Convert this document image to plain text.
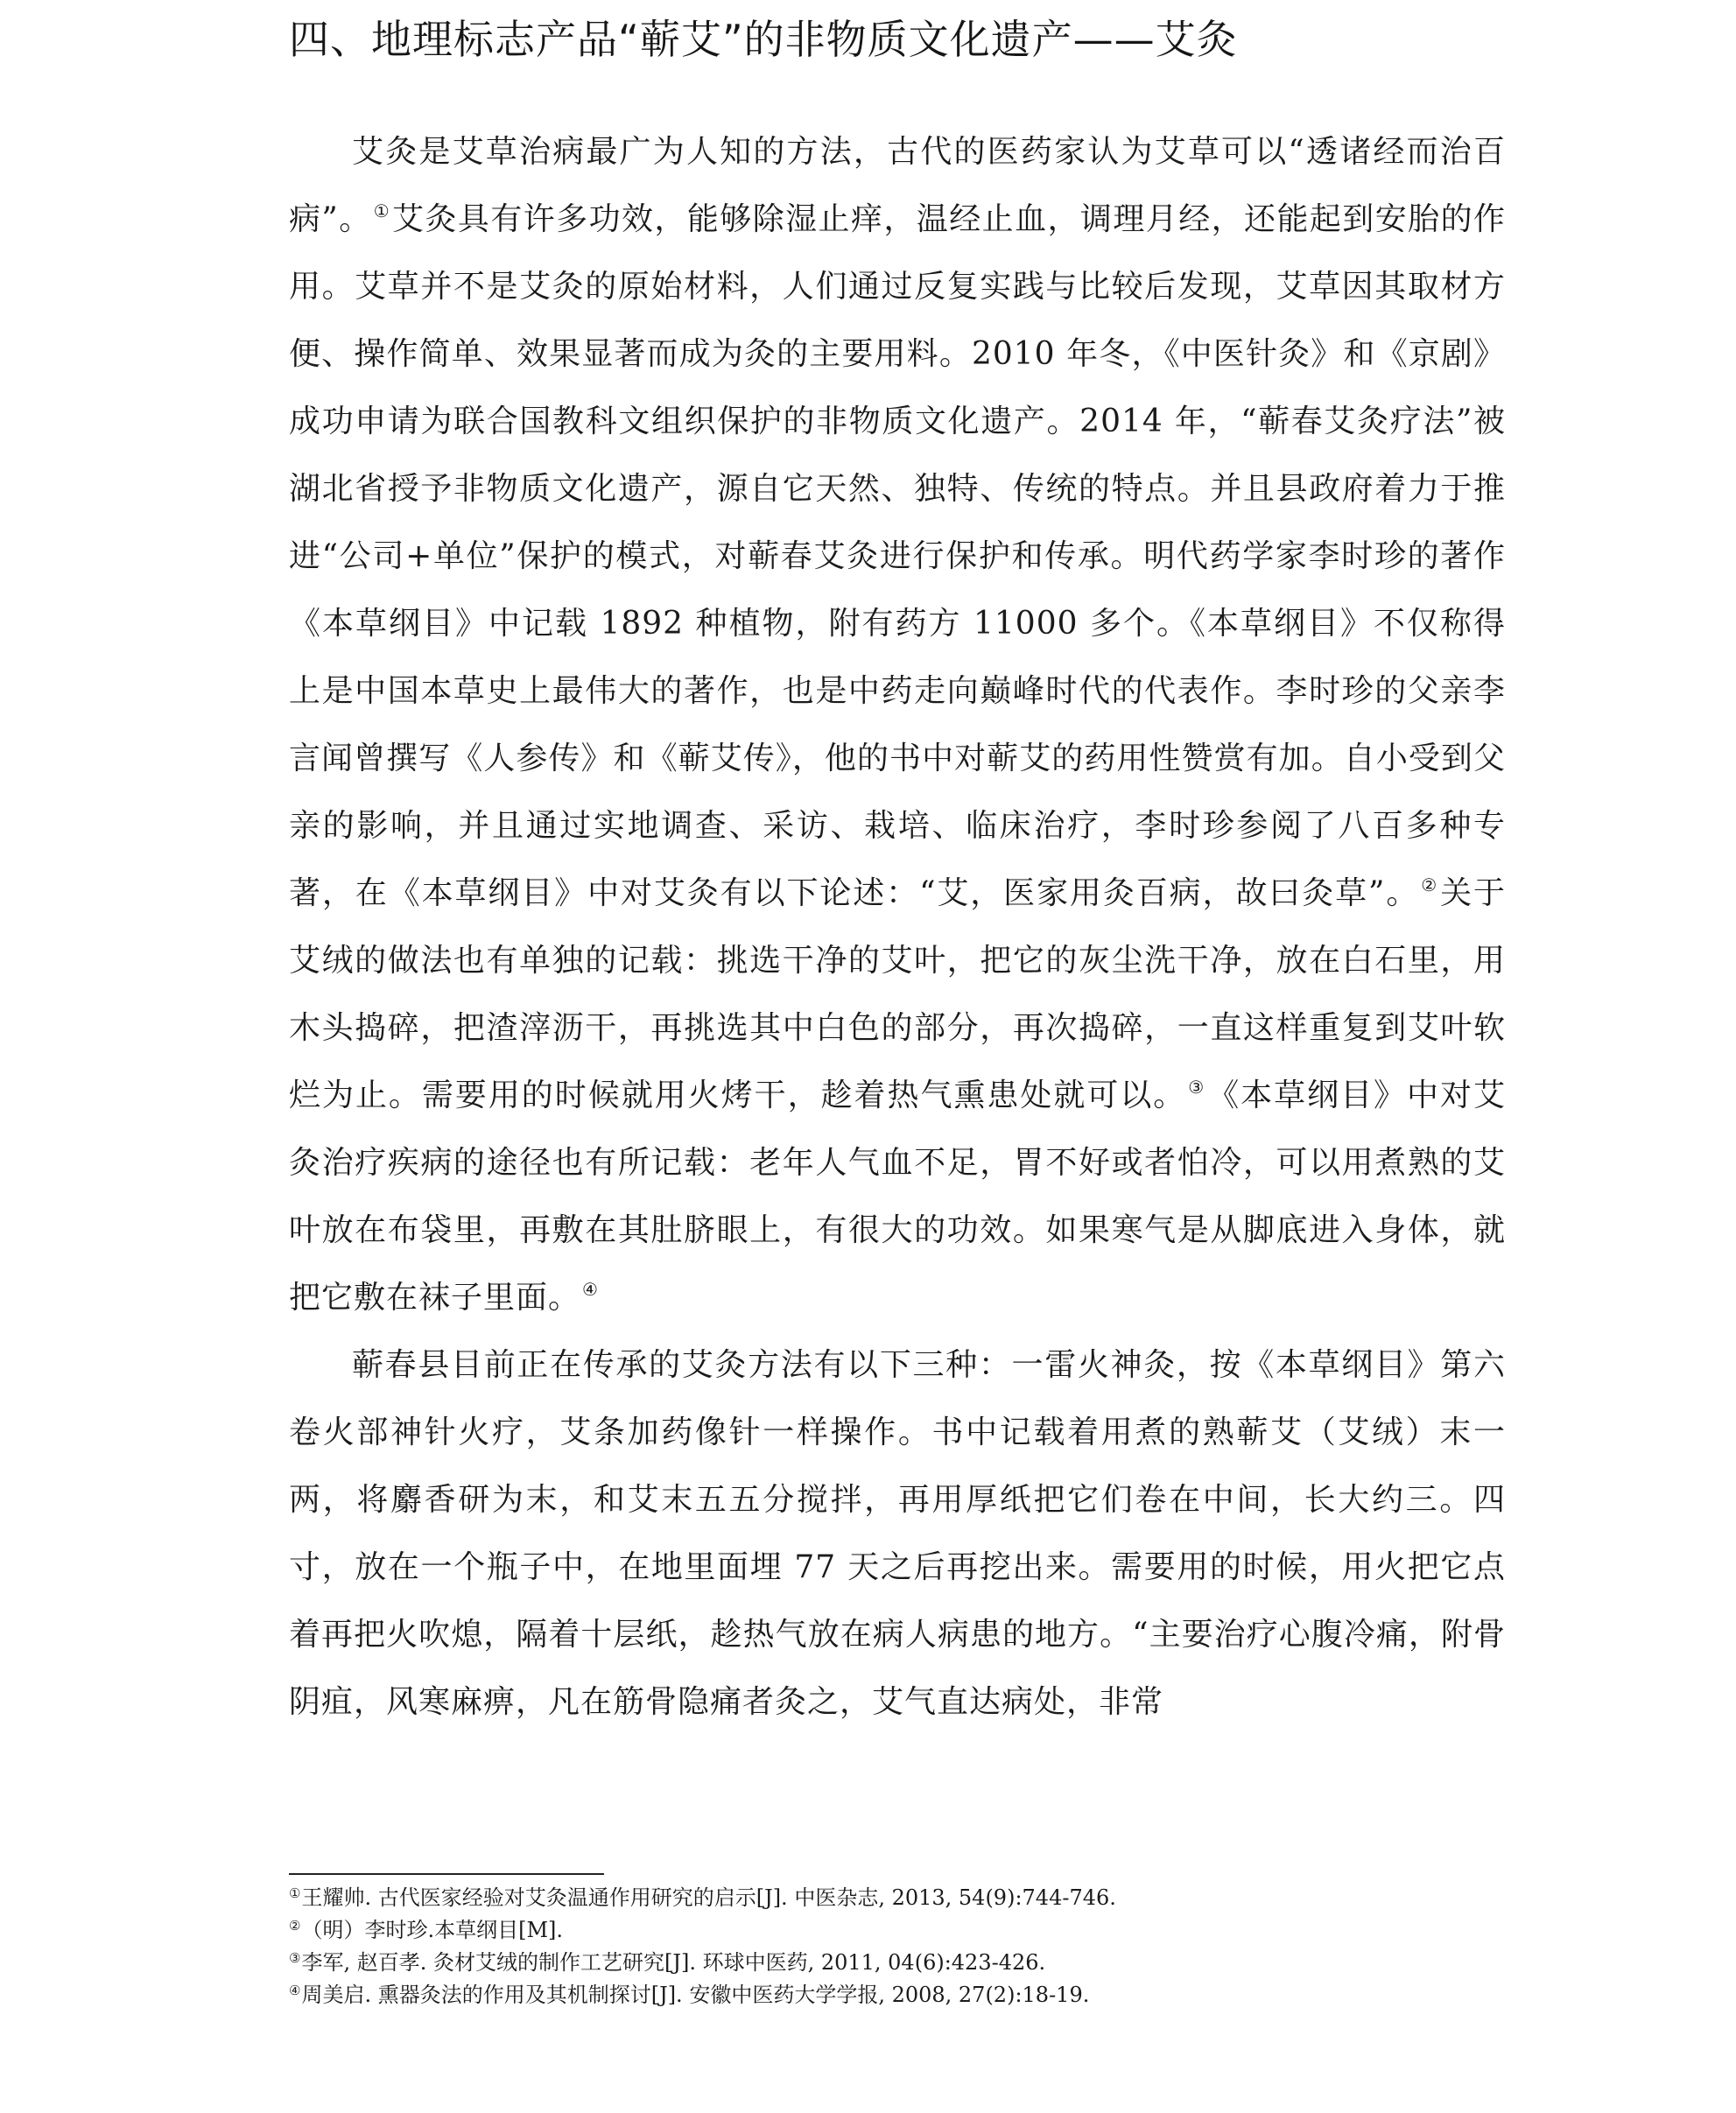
四、地理标志产品“蕲艾”的非物质文化遗产——艾灸

艾灸是艾草治病最广为人知的方法，古代的医药家认为艾草可以“透诸经而治百病”。 ①艾灸具有许多功效，能够除湿止痒，温经止血，调理月经，还能起到安胎的作用。艾草并不是艾灸的原始材料，人们通过反复实践与比较后发现，艾草因其取材方便、操作简单、效果显著而成为灸的主要用料。2010 年冬，《中医针灸》和《京剧》成功申请为联合国教科文组织保护的非物质文化遗产。2014 年，“蕲春艾灸疗法”被湖北省授予非物质文化遗产，源自它天然、独特、传统的特点。并且县政府着力于推进“公司+单位”保护的模式，对蕲春艾灸进行保护和传承。明代药学家李时珍的著作《本草纲目》中记载 1892 种植物，附有药方 11000 多个。《本草纲目》不仅称得上是中国本草史上最伟大的著作，也是中药走向巅峰时代的代表作。李时珍的父亲李言闻曾撰写《人参传》和《蕲艾传》，他的书中对蕲艾的药用性赞赏有加。自小受到父亲的影响，并且通过实地调查、采访、栽培、临床治疗，李时珍参阅了八百多种专著，在《本草纲目》中对艾灸有以下论述：“艾，医家用灸百病，故曰灸草”。 ②关于艾绒的做法也有单独的记载：挑选干净的艾叶，把它的灰尘洗干净，放在白石里，用木头捣碎，把渣滓沥干，再挑选其中白色的部分，再次捣碎，一直这样重复到艾叶软烂为止。需要用的时候就用火烤干，趁着热气熏患处就可以。 ③《本草纲目》中对艾灸治疗疾病的途径也有所记载：老年人气血不足，胃不好或者怕冷，可以用煮熟的艾叶放在布袋里，再敷在其肚脐眼上，有很大的功效。如果寒气是从脚底进入身体，就把它敷在袜子里面。 ④

蕲春县目前正在传承的艾灸方法有以下三种：一雷火神灸，按《本草纲目》第六卷火部神针火疗，艾条加药像针一样操作。书中记载着用煮的熟蕲艾（艾绒）末一两，将麝香研为末，和艾末五五分搅拌，再用厚纸把它们卷在中间，长大约三。四寸，放在一个瓶子中，在地里面埋 77 天之后再挖出来。需要用的时候，用火把它点着再把火吹熄，隔着十层纸，趁热气放在病人病患的地方。“主要治疗心腹冷痛，附骨阴疽，风寒麻痹，凡在筋骨隐痛者灸之，艾气直达病处，非常

①王耀帅. 古代医家经验对艾灸温通作用研究的启示[J]. 中医杂志, 2013, 54(9):744-746.
②（明）李时珍.本草纲目[M].
③李军, 赵百孝. 灸材艾绒的制作工艺研究[J]. 环球中医药, 2011, 04(6):423-426.
④周美启. 熏器灸法的作用及其机制探讨[J]. 安徽中医药大学学报, 2008, 27(2):18-19.
